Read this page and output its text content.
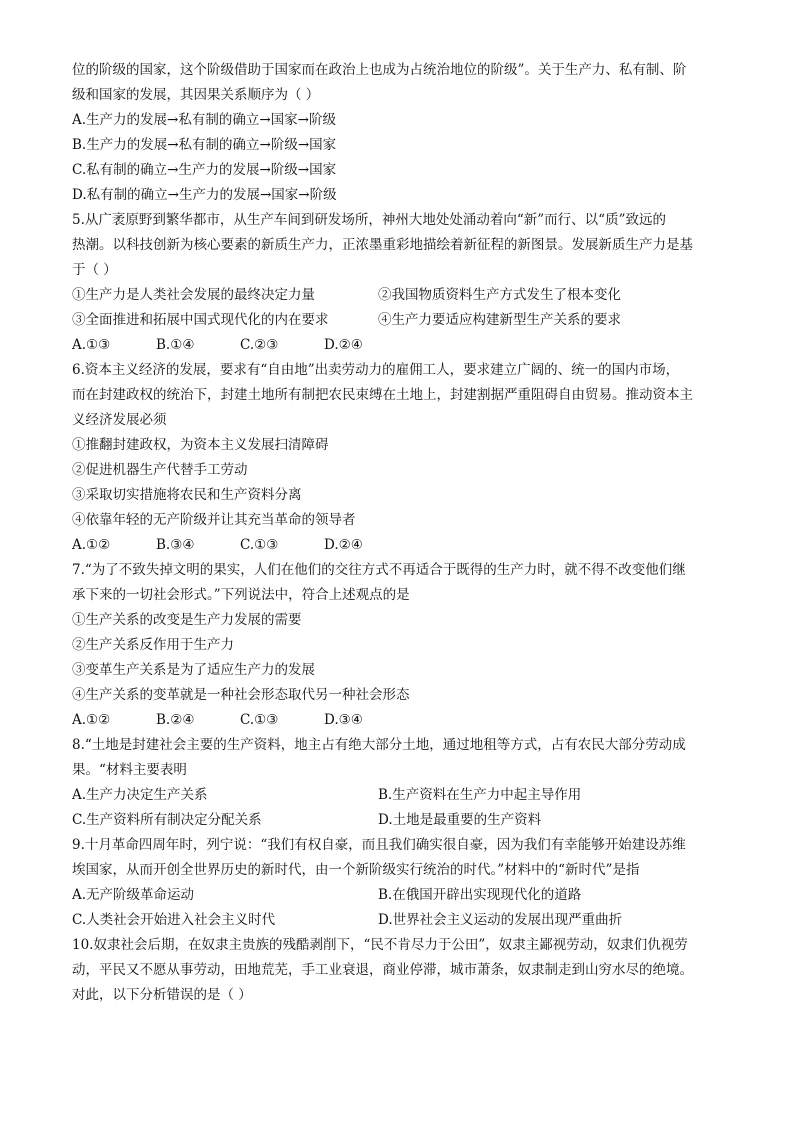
位的阶级的国家，这个阶级借助于国家而在政治上也成为占统治地位的阶级”。关于生产力、私有制、阶
级和国家的发展，其因果关系顺序为（ ）
A.生产力的发展→私有制的确立→国家→阶级
B.生产力的发展→私有制的确立→阶级→国家
C.私有制的确立→生产力的发展→阶级→国家
D.私有制的确立→生产力的发展→国家→阶级
5.从广袤原野到繁华都市，从生产车间到研发场所，神州大地处处涌动着向“新”而行、以“质”致远的
热潮。以科技创新为核心要素的新质生产力，正浓墨重彩地描绘着新征程的新图景。发展新质生产力是基
于（ ）
①生产力是人类社会发展的最终决定力量	②我国物质资料生产方式发生了根本变化
③全面推进和拓展中国式现代化的内在要求	④生产力要适应构建新型生产关系的要求
A.①③	B.①④	C.②③	D.②④
6.资本主义经济的发展，要求有“自由地”出卖劳动力的雇佣工人，要求建立广阔的、统一的国内市场，
而在封建政权的统治下，封建土地所有制把农民束缚在土地上，封建割据严重阻碍自由贸易。推动资本主
义经济发展必须
①推翻封建政权，为资本主义发展扫清障碍
②促进机器生产代替手工劳动
③采取切实措施将农民和生产资料分离
④依靠年轻的无产阶级并让其充当革命的领导者
A.①②	B.③④	C.①③	D.②④
7.“为了不致失掉文明的果实，人们在他们的交往方式不再适合于既得的生产力时，就不得不改变他们继
承下来的一切社会形式。”下列说法中，符合上述观点的是
①生产关系的改变是生产力发展的需要
②生产关系反作用于生产力
③变革生产关系是为了适应生产力的发展
④生产关系的变革就是一种社会形态取代另一种社会形态
A.①②	B.②④	C.①③	D.③④
8.“土地是封建社会主要的生产资料，地主占有绝大部分土地，通过地租等方式，占有农民大部分劳动成
果。“材料主要表明
A.生产力决定生产关系	B.生产资料在生产力中起主导作用
C.生产资料所有制决定分配关系	D.土地是最重要的生产资料
9.十月革命四周年时，列宁说：“我们有权自豪，而且我们确实很自豪，因为我们有幸能够开始建设苏维
埃国家，从而开创全世界历史的新时代，由一个新阶级实行统治的时代。”材料中的“新时代”是指
A.无产阶级革命运动	B.在俄国开辟出实现现代化的道路
C.人类社会开始进入社会主义时代	D.世界社会主义运动的发展出现严重曲折
10.奴隶社会后期，在奴隶主贵族的残酷剥削下，“民不肯尽力于公田”，奴隶主鄙视劳动，奴隶们仇视劳
动，平民又不愿从事劳动，田地荒芜，手工业衰退，商业停滞，城市萧条，奴隶制走到山穷水尽的绝境。
对此，以下分析错误的是（ ）
